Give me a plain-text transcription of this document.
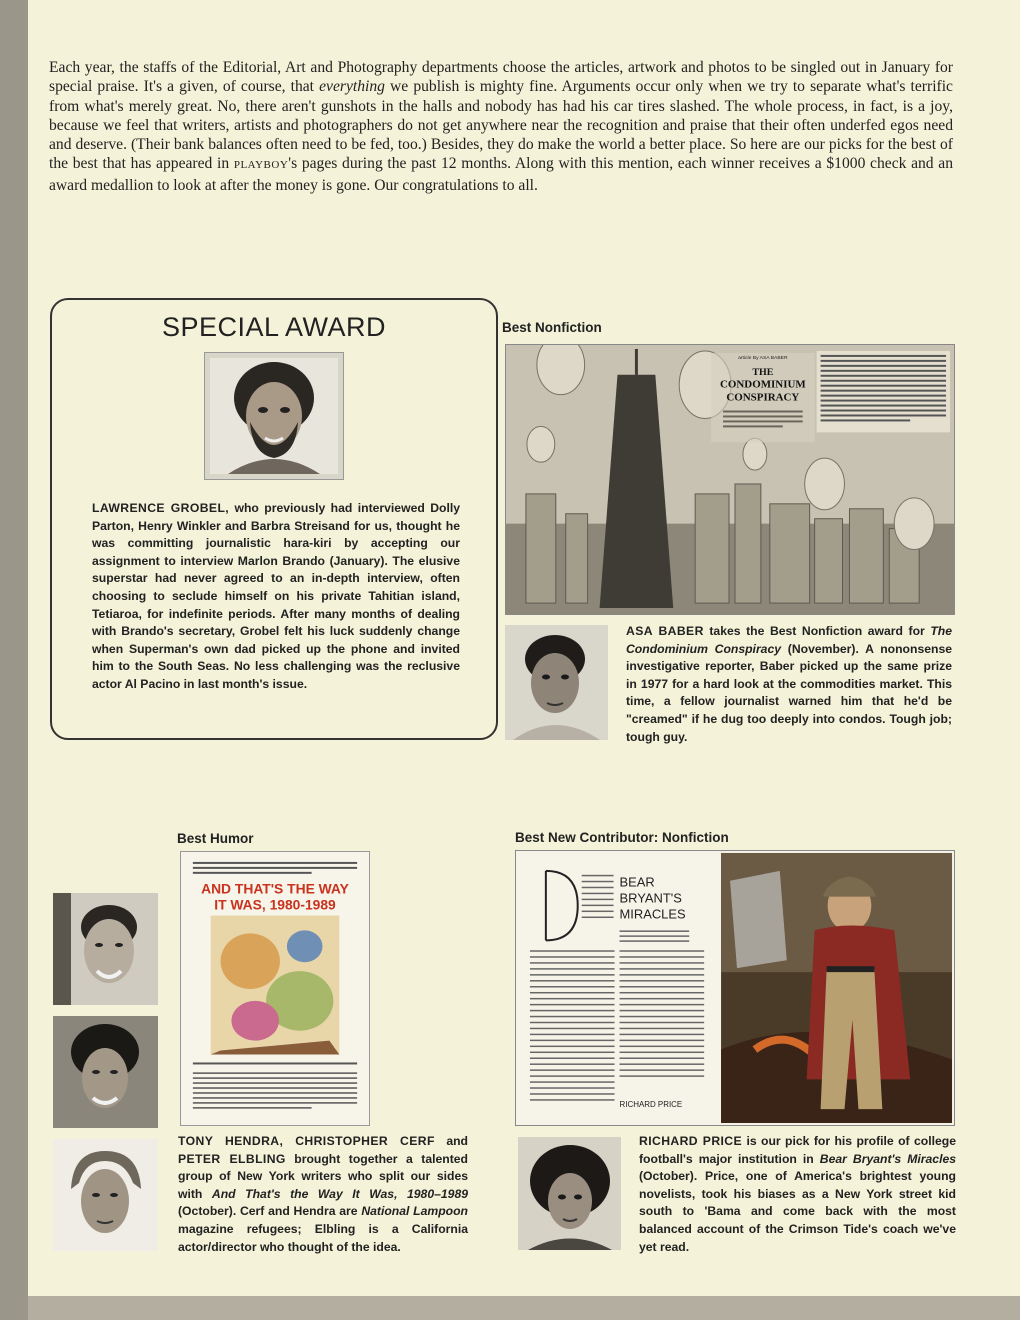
Each year, the staffs of the Editorial, Art and Photography departments choose the articles, artwork and photos to be singled out in January for special praise. It's a given, of course, that everything we publish is mighty fine. Arguments occur only when we try to separate what's terrific from what's merely great. No, there aren't gunshots in the halls and nobody has had his car tires slashed. The whole process, in fact, is a joy, because we feel that writers, artists and photographers do not get anywhere near the recognition and praise that their often underfed egos need and deserve. (Their bank balances often need to be fed, too.) Besides, they do make the world a better place. So here are our picks for the best of the best that has appeared in PLAYBOY's pages during the past 12 months. Along with this mention, each winner receives a $1000 check and an award medallion to look at after the money is gone. Our congratulations to all.
SPECIAL AWARD
LAWRENCE GROBEL, who previously had interviewed Dolly Parton, Henry Winkler and Barbra Streisand for us, thought he was committing journalistic hara-kiri by accepting our assignment to interview Marlon Brando (January). The elusive superstar had never agreed to an in-depth interview, often choosing to seclude himself on his private Tahitian island, Tetiaroa, for indefinite periods. After many months of dealing with Brando's secretary, Grobel felt his luck suddenly change when Superman's own dad picked up the phone and invited him to the South Seas. No less challenging was the reclusive actor Al Pacino in last month's issue.
Best Nonfiction
article By ASA BABER
THE
CONDOMINIUM
CONSPIRACY
ASA BABER takes the Best Nonfiction award for The Condominium Conspiracy (November). A nononsense investigative reporter, Baber picked up the same prize in 1977 for a hard look at the commodities market. This time, a fellow journalist warned him that he'd be "creamed" if he dug too deeply into condos. Tough job; tough guy.
Best Humor
AND THAT'S THE WAY
IT WAS, 1980-1989
TONY HENDRA, CHRISTOPHER CERF and PETER ELBLING brought together a talented group of New York writers who split our sides with And That's the Way It Was, 1980–1989 (October). Cerf and Hendra are National Lampoon magazine refugees; Elbling is a California actor/director who thought of the idea.
Best New Contributor: Nonfiction
BEAR
BRYANT'S
MIRACLES
RICHARD PRICE
RICHARD PRICE is our pick for his profile of college football's major institution in Bear Bryant's Miracles (October). Price, one of America's brightest young novelists, took his biases as a New York street kid south to 'Bama and come back with the most balanced account of the Crimson Tide's coach we've yet read.
